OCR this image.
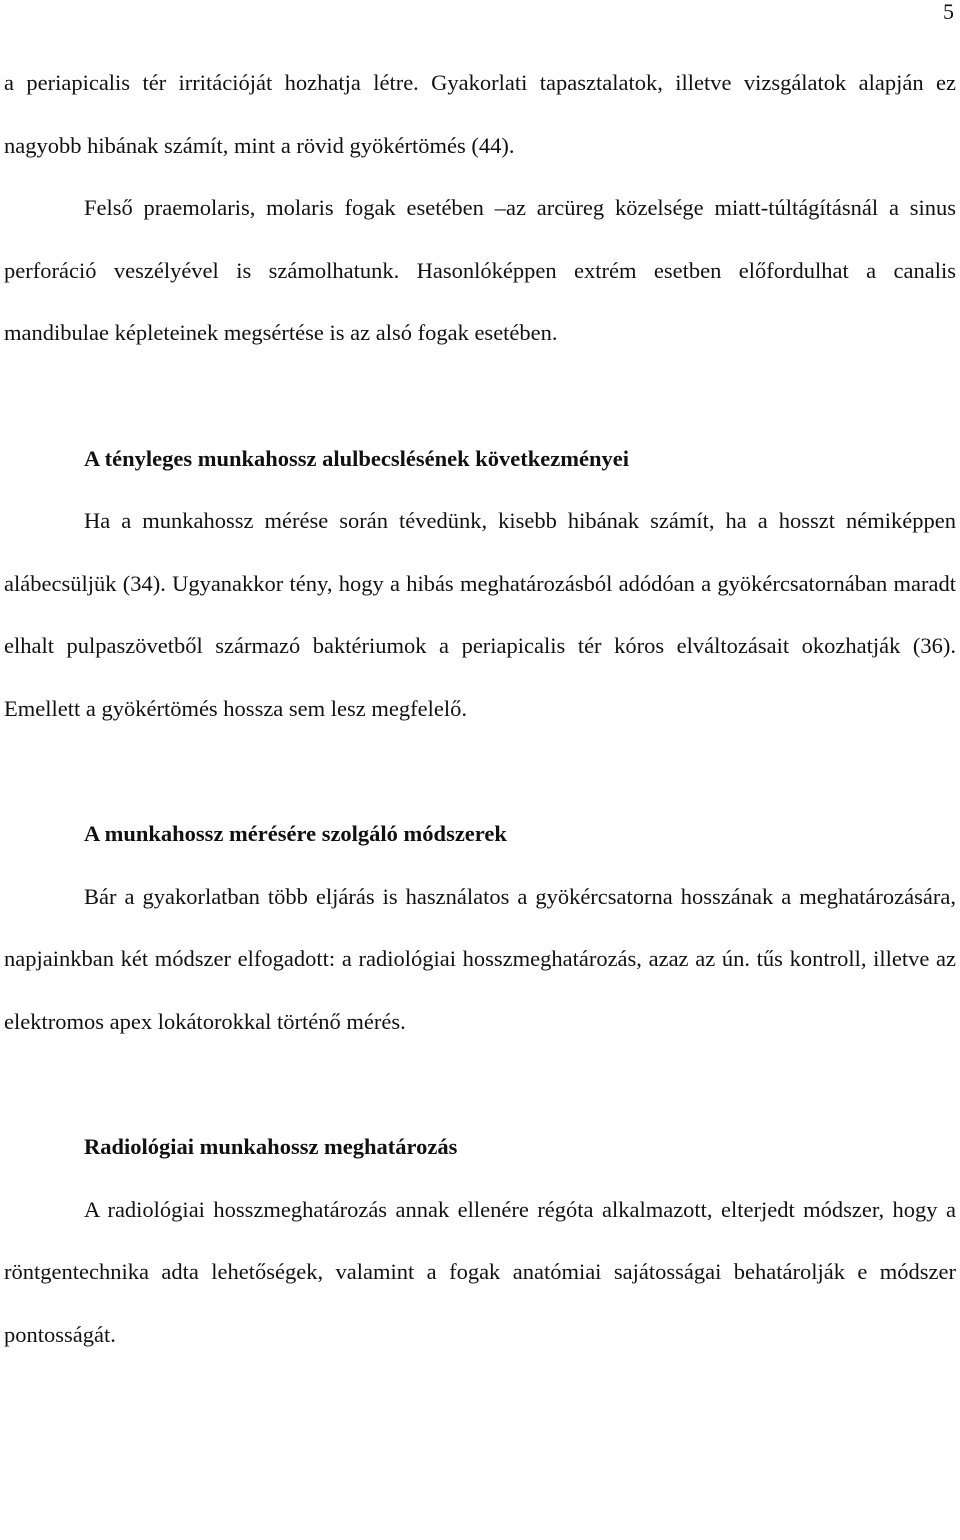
5

a periapicalis tér irritációját hozhatja létre. Gyakorlati tapasztalatok, illetve vizsgálatok alapján ez nagyobb hibának számít, mint a rövid gyökértömés (44).

Felső praemolaris, molaris fogak esetében –az arcüreg közelsége miatt-túltágításnál a sinus perforáció veszélyével is számolhatunk. Hasonlóképpen extrém esetben előfordulhat a canalis mandibulae képleteinek megsértése is az alsó fogak esetében.

A tényleges munkahossz alulbecslésének következményei

Ha a munkahossz mérése során tévedünk, kisebb hibának számít, ha a hosszt némiképpen alábecsüljük (34). Ugyanakkor tény, hogy a hibás meghatározásból adódóan a gyökércsatornában maradt elhalt pulpaszövetből származó baktériumok a periapicalis tér kóros elváltozásait okozhatják (36). Emellett a gyökértömés hossza sem lesz megfelelő.

A munkahossz mérésére szolgáló módszerek

Bár a gyakorlatban több eljárás is használatos a gyökércsatorna hosszának a meghatározására, napjainkban két módszer elfogadott: a radiológiai hosszmeghatározás, azaz az ún. tűs kontroll, illetve az elektromos apex lokátorokkal történő mérés.

Radiológiai munkahossz meghatározás

A radiológiai hosszmeghatározás annak ellenére régóta alkalmazott, elterjedt módszer, hogy a röntgentechnika adta lehetőségek, valamint a fogak anatómiai sajátosságai behatárolják e módszer pontosságát.
